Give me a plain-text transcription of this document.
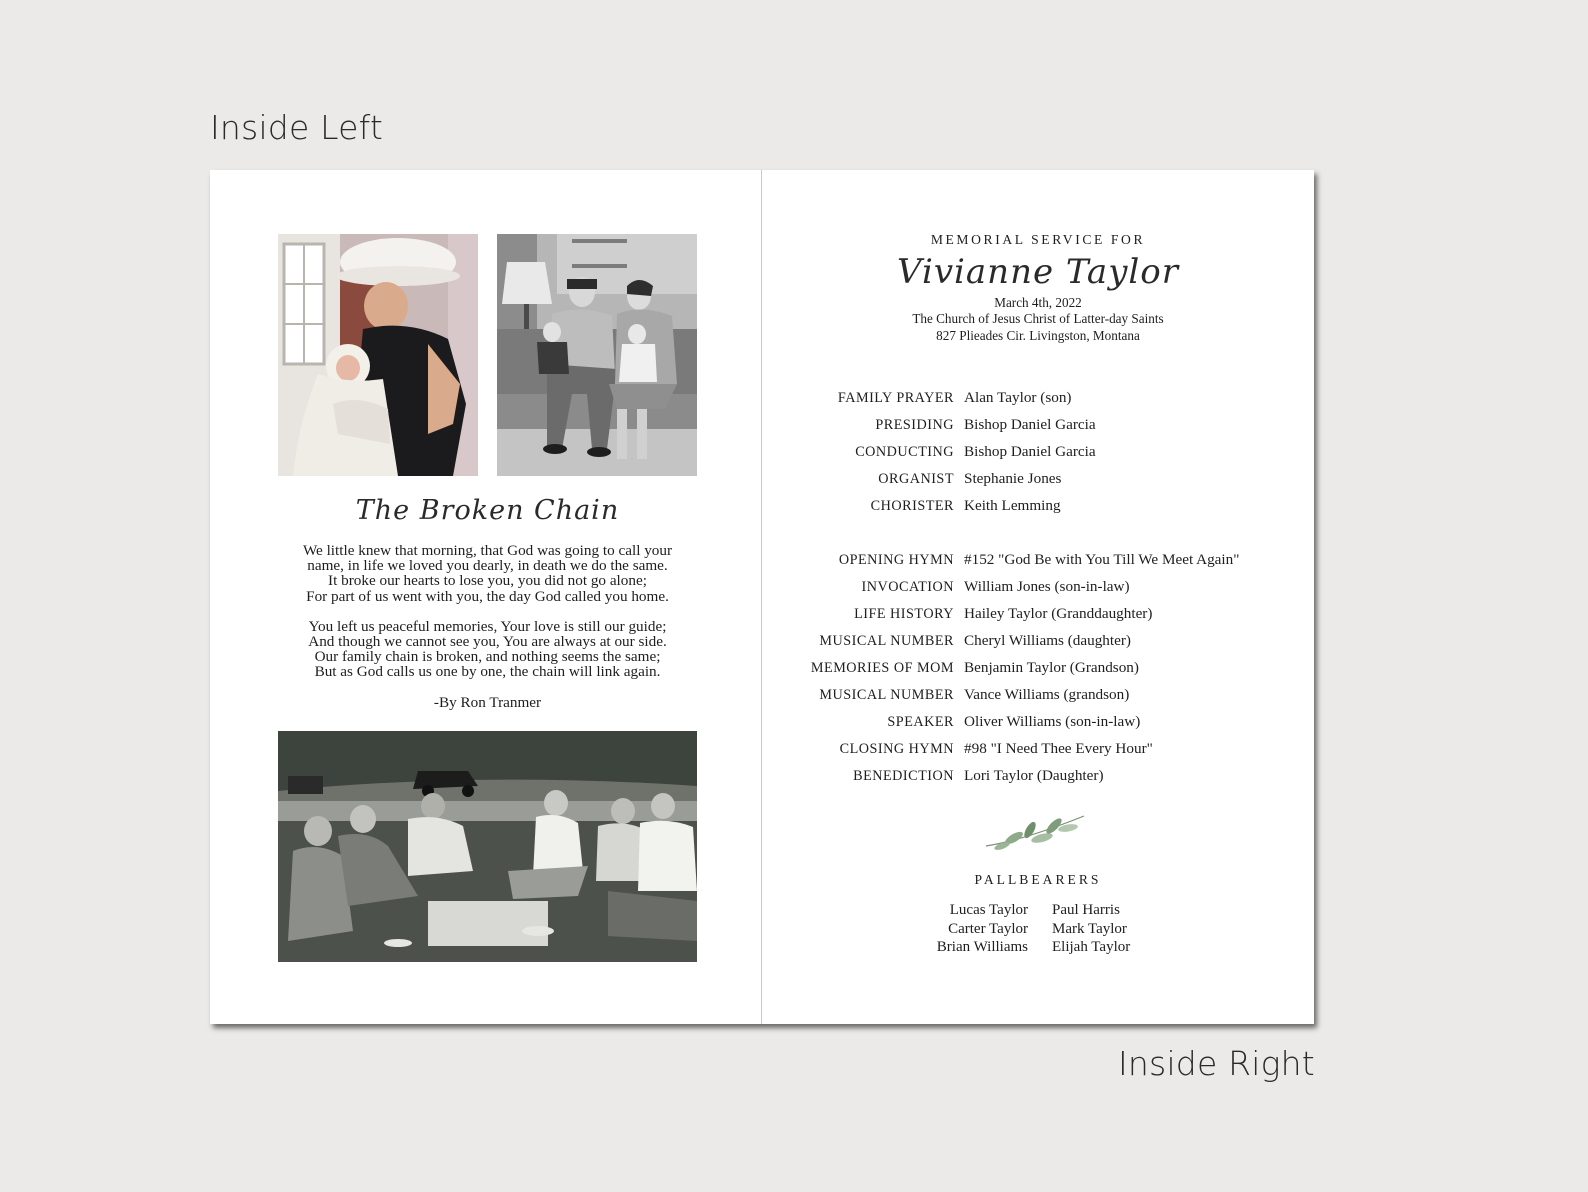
Inside Left
The Broken Chain
We little knew that morning, that God was going to call your
name, in life we loved you dearly, in death we do the same.
It broke our hearts to lose you, you did not go alone;
For part of us went with you, the day God called you home.
You left us peaceful memories, Your love is still our guide;
And though we cannot see you, You are always at our side.
Our family chain is broken, and nothing seems the same;
But as God calls us one by one, the chain will link again.
-By Ron Tranmer
MEMORIAL SERVICE FOR
Vivianne Taylor
March 4th, 2022
The Church of Jesus Christ of Latter-day Saints
827 Plieades Cir. Livingston, Montana
FAMILY PRAYER Alan Taylor (son)
PRESIDING Bishop Daniel Garcia
CONDUCTING Bishop Daniel Garcia
ORGANIST Stephanie Jones
CHORISTER Keith Lemming
OPENING HYMN #152 "God Be with You Till We Meet Again"
INVOCATION William Jones (son-in-law)
LIFE HISTORY Hailey Taylor (Granddaughter)
MUSICAL NUMBER Cheryl Williams (daughter)
MEMORIES OF MOM Benjamin Taylor (Grandson)
MUSICAL NUMBER Vance Williams (grandson)
SPEAKER Oliver Williams (son-in-law)
CLOSING HYMN #98 "I Need Thee Every Hour"
BENEDICTION Lori Taylor (Daughter)
PALLBEARERS
Lucas Taylor
Carter Taylor
Brian Williams
Paul Harris
Mark Taylor
Elijah Taylor
Inside Right
